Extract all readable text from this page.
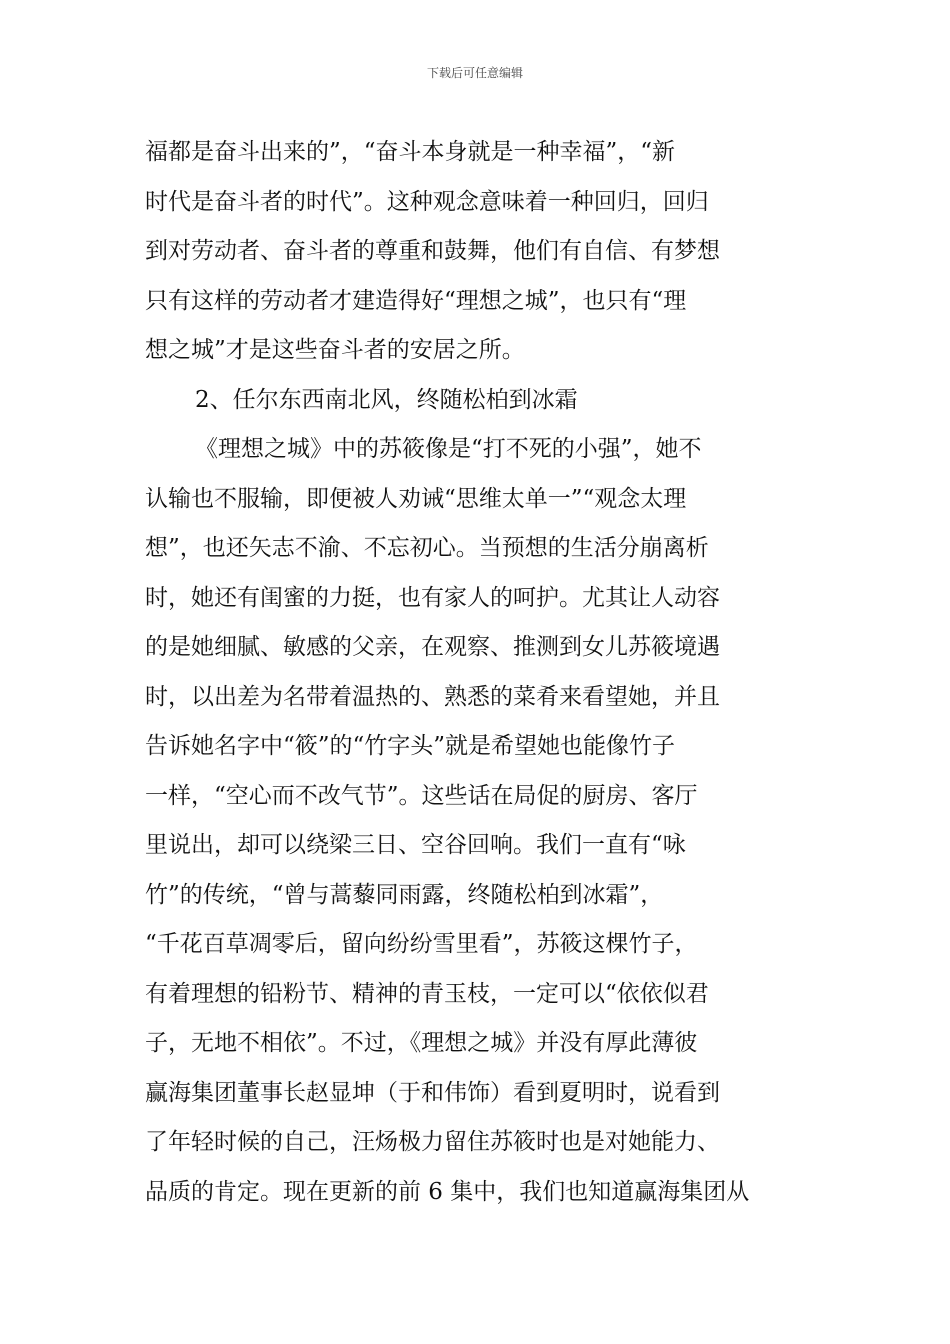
下载后可任意编辑
福都是奋斗出来的”，“奋斗本身就是一种幸福”，“新
时代是奋斗者的时代”。这种观念意味着一种回归，回归
到对劳动者、奋斗者的尊重和鼓舞，他们有自信、有梦想
只有这样的劳动者才建造得好“理想之城”，也只有“理
想之城”才是这些奋斗者的安居之所。
2、任尔东西南北风，终随松柏到冰霜
《理想之城》中的苏筱像是“打不死的小强”，她不
认输也不服输，即便被人劝诫“思维太单一”“观念太理
想”，也还矢志不渝、不忘初心。当预想的生活分崩离析
时，她还有闺蜜的力挺，也有家人的呵护。尤其让人动容
的是她细腻、敏感的父亲，在观察、推测到女儿苏筱境遇
时，以出差为名带着温热的、熟悉的菜肴来看望她，并且
告诉她名字中“筱”的“竹字头”就是希望她也能像竹子
一样，“空心而不改气节”。这些话在局促的厨房、客厅
里说出，却可以绕梁三日、空谷回响。我们一直有“咏
竹”的传统，“曾与蒿藜同雨露，终随松柏到冰霜”，
“千花百草凋零后，留向纷纷雪里看”，苏筱这棵竹子，
有着理想的铅粉节、精神的青玉枝，一定可以“依依似君
子，无地不相依”。不过，《理想之城》并没有厚此薄彼
赢海集团董事长赵显坤（于和伟饰）看到夏明时，说看到
了年轻时候的自己，汪炀极力留住苏筱时也是对她能力、
品质的肯定。现在更新的前 6 集中，我们也知道赢海集团从
